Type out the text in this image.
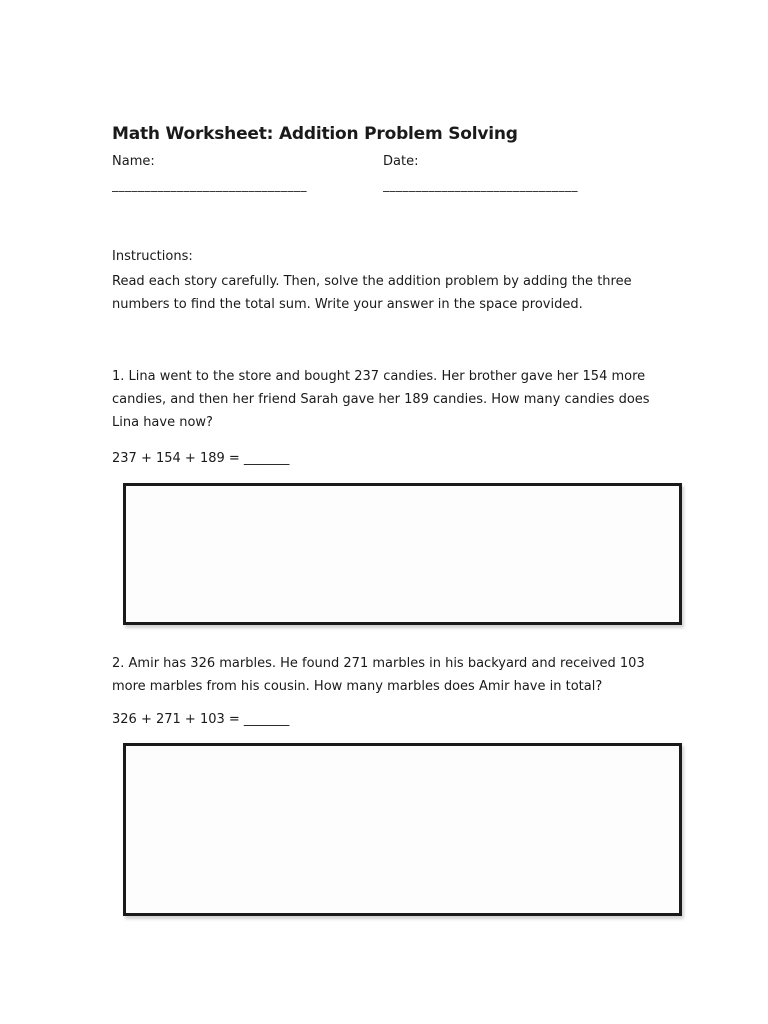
Math Worksheet: Addition Problem Solving
Name:	Date:
______________________________	______________________________
Instructions:
Read each story carefully. Then, solve the addition problem by adding the three numbers to find the total sum. Write your answer in the space provided.
1. Lina went to the store and bought 237 candies. Her brother gave her 154 more candies, and then her friend Sarah gave her 189 candies. How many candies does Lina have now?
237 + 154 + 189 = _______
2. Amir has 326 marbles. He found 271 marbles in his backyard and received 103 more marbles from his cousin. How many marbles does Amir have in total?
326 + 271 + 103 = _______
